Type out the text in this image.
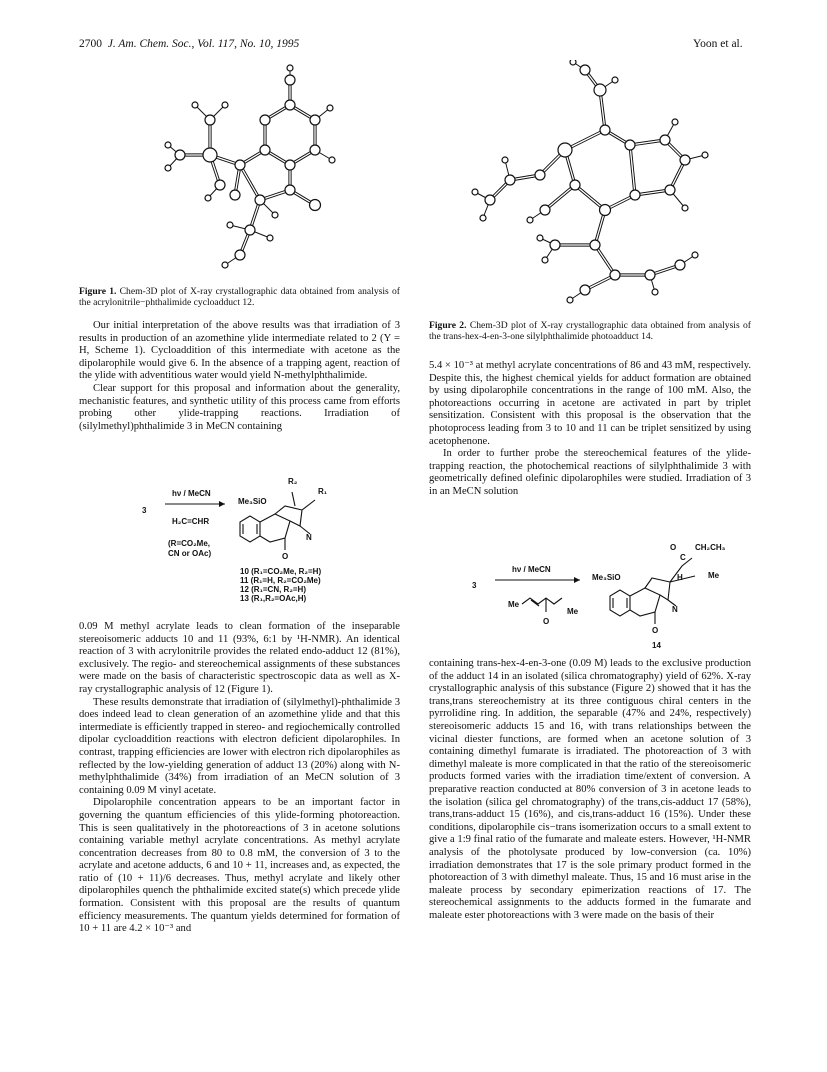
2700 J. Am. Chem. Soc., Vol. 117, No. 10, 1995	Yoon et al.
Figure 1. Chem-3D plot of X-ray crystallographic data obtained from analysis of the acrylonitrile−phthalimide cycloadduct 12.
Figure 2. Chem-3D plot of X-ray crystallographic data obtained from analysis of the trans-hex-4-en-3-one silylphthalimide photoadduct 14.

Our initial interpretation of the above results was that irradiation of 3 results in production of an azomethine ylide intermediate related to 2 (Y = H, Scheme 1). Cycloaddition of this intermediate with acetone as the dipolarophile would give 6. In the absence of a trapping agent, reaction of the ylide with adventitious water would yield N-methylphthalimide.

Clear support for this proposal and information about the generality, mechanistic features, and synthetic utility of this process came from efforts probing other ylide-trapping reactions. Irradiation of (silylmethyl)phthalimide 3 in MeCN containing

3
hν / MeCN
H₂C=CHR
(R=CO₂Me,
CN or OAc)
Me₃SiO
R₂
R₁
N
O
10 (R₁=CO₂Me, R₂=H)
11 (R₁=H, R₂=CO₂Me)
12 (R₁=CN, R₂=H)
13 (R₁,R₂=OAc,H)

0.09 M methyl acrylate leads to clean formation of the inseparable stereoisomeric adducts 10 and 11 (93%, 6:1 by ¹H-NMR). An identical reaction of 3 with acrylonitrile provides the related endo-adduct 12 (81%), exclusively. The regio- and stereochemical assignments of these substances were made on the basis of characteristic spectroscopic data as well as X-ray crystallographic analysis of 12 (Figure 1).

These results demonstrate that irradiation of (silylmethyl)-phthalimide 3 does indeed lead to clean generation of an azomethine ylide and that this intermediate is efficiently trapped in stereo- and regiochemically controlled dipolar cycloaddition reactions with electron deficient dipolarophiles. In contrast, trapping efficiencies are lower with electron rich dipolarophiles as reflected by the low-yielding generation of adduct 13 (20%) along with N-methylphthalimide (34%) from irradiation of an MeCN solution of 3 containing 0.09 M vinyl acetate.

Dipolarophile concentration appears to be an important factor in governing the quantum efficiencies of this ylide-forming photoreaction. This is seen qualitatively in the photoreactions of 3 in acetone solutions containing variable methyl acrylate concentrations. As methyl acrylate concentration decreases from 80 to 0.8 mM, the conversion of 3 to the acrylate and acetone adducts, 6 and 10 + 11, increases and, as expected, the ratio of (10 + 11)/6 decreases. Thus, methyl acrylate and likely other dipolarophiles quench the phthalimide excited state(s) which precede ylide formation. Consistent with this proposal are the results of quantum efficiency measurements. The quantum yields determined for formation of 10 + 11 are 4.2 × 10⁻³ and

5.4 × 10⁻³ at methyl acrylate concentrations of 86 and 43 mM, respectively. Despite this, the highest chemical yields for adduct formation are obtained by using dipolarophile concentrations in the range of 100 mM. Also, the photoreactions occurring in acetone are activated in part by triplet sensitization. Consistent with this proposal is the observation that the photoprocess leading from 3 to 10 and 11 can be triplet sensitized by using acetophenone.

In order to further probe the stereochemical features of the ylide-trapping reaction, the photochemical reactions of silylphthalimide 3 with geometrically defined olefinic dipolarophiles were studied. Irradiation of 3 in an MeCN solution

3
hν / MeCN
Me
Me
O
O
C
CH₂CH₃
Me₃SiO	Me
H
N
O
14

containing trans-hex-4-en-3-one (0.09 M) leads to the exclusive production of the adduct 14 in an isolated (silica chromatography) yield of 62%. X-ray crystallographic analysis of this substance (Figure 2) showed that it has the trans,trans stereochemistry at its three contiguous chiral centers in the pyrrolidine ring. In addition, the separable (47% and 24%, respectively) stereoisomeric adducts 15 and 16, with trans relationships between the vicinal diester functions, are formed when an acetone solution of 3 containing dimethyl fumarate is irradiated. The photoreaction of 3 with dimethyl maleate is more complicated in that the ratio of the stereoisomeric products formed varies with the irradiation time/extent of conversion. A preparative reaction conducted at 80% conversion of 3 in acetone leads to the isolation (silica gel chromatography) of the trans,cis-adduct 17 (58%), trans,trans-adduct 15 (16%), and cis,trans-adduct 16 (15%). Under these conditions, dipolarophile cis−trans isomerization occurs to a small extent to give a 1:9 final ratio of the fumarate and maleate esters. However, ¹H-NMR analysis of the photolysate produced by low-conversion (ca. 10%) irradiation demonstrates that 17 is the sole primary product formed in the photoreaction of 3 with dimethyl maleate. Thus, 15 and 16 must arise in the maleate process by secondary epimerization reactions of 17. The stereochemical assignments to the adducts formed in the fumarate and maleate ester photoreactions with 3 were made on the basis of their
